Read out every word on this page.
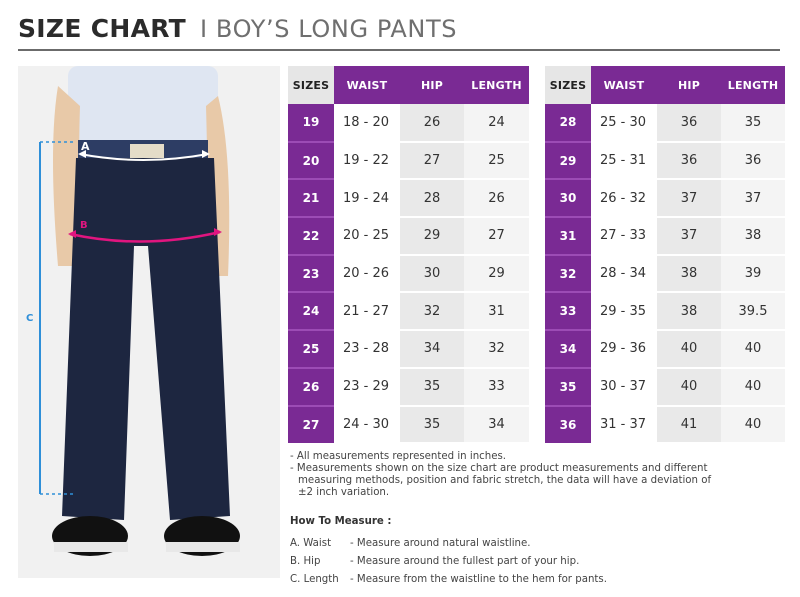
SIZE CHART I BOY’S LONG PANTS
A
B
C
SIZES	WAIST	HIP	LENGTH
19	18 - 20	26	24
20	19 - 22	27	25
21	19 - 24	28	26
22	20 - 25	29	27
23	20 - 26	30	29
24	21 - 27	32	31
25	23 - 28	34	32
26	23 - 29	35	33
27	24 - 30	35	34
SIZES	WAIST	HIP	LENGTH
28	25 - 30	36	35
29	25 - 31	36	36
30	26 - 32	37	37
31	27 - 33	37	38
32	28 - 34	38	39
33	29 - 35	38	39.5
34	29 - 36	40	40
35	30 - 37	40	40
36	31 - 37	41	40

- All measurements represented in inches.

- Measurements shown on the size chart are product measurements and different

measuring methods, position and fabric stretch, the data will have a deviation of

±2 inch variation.

How To Measure :
A. Waist	- Measure around natural waistline.
B. Hip	- Measure around the fullest part of your hip.
C. Length	- Measure from the waistline to the hem for pants.
